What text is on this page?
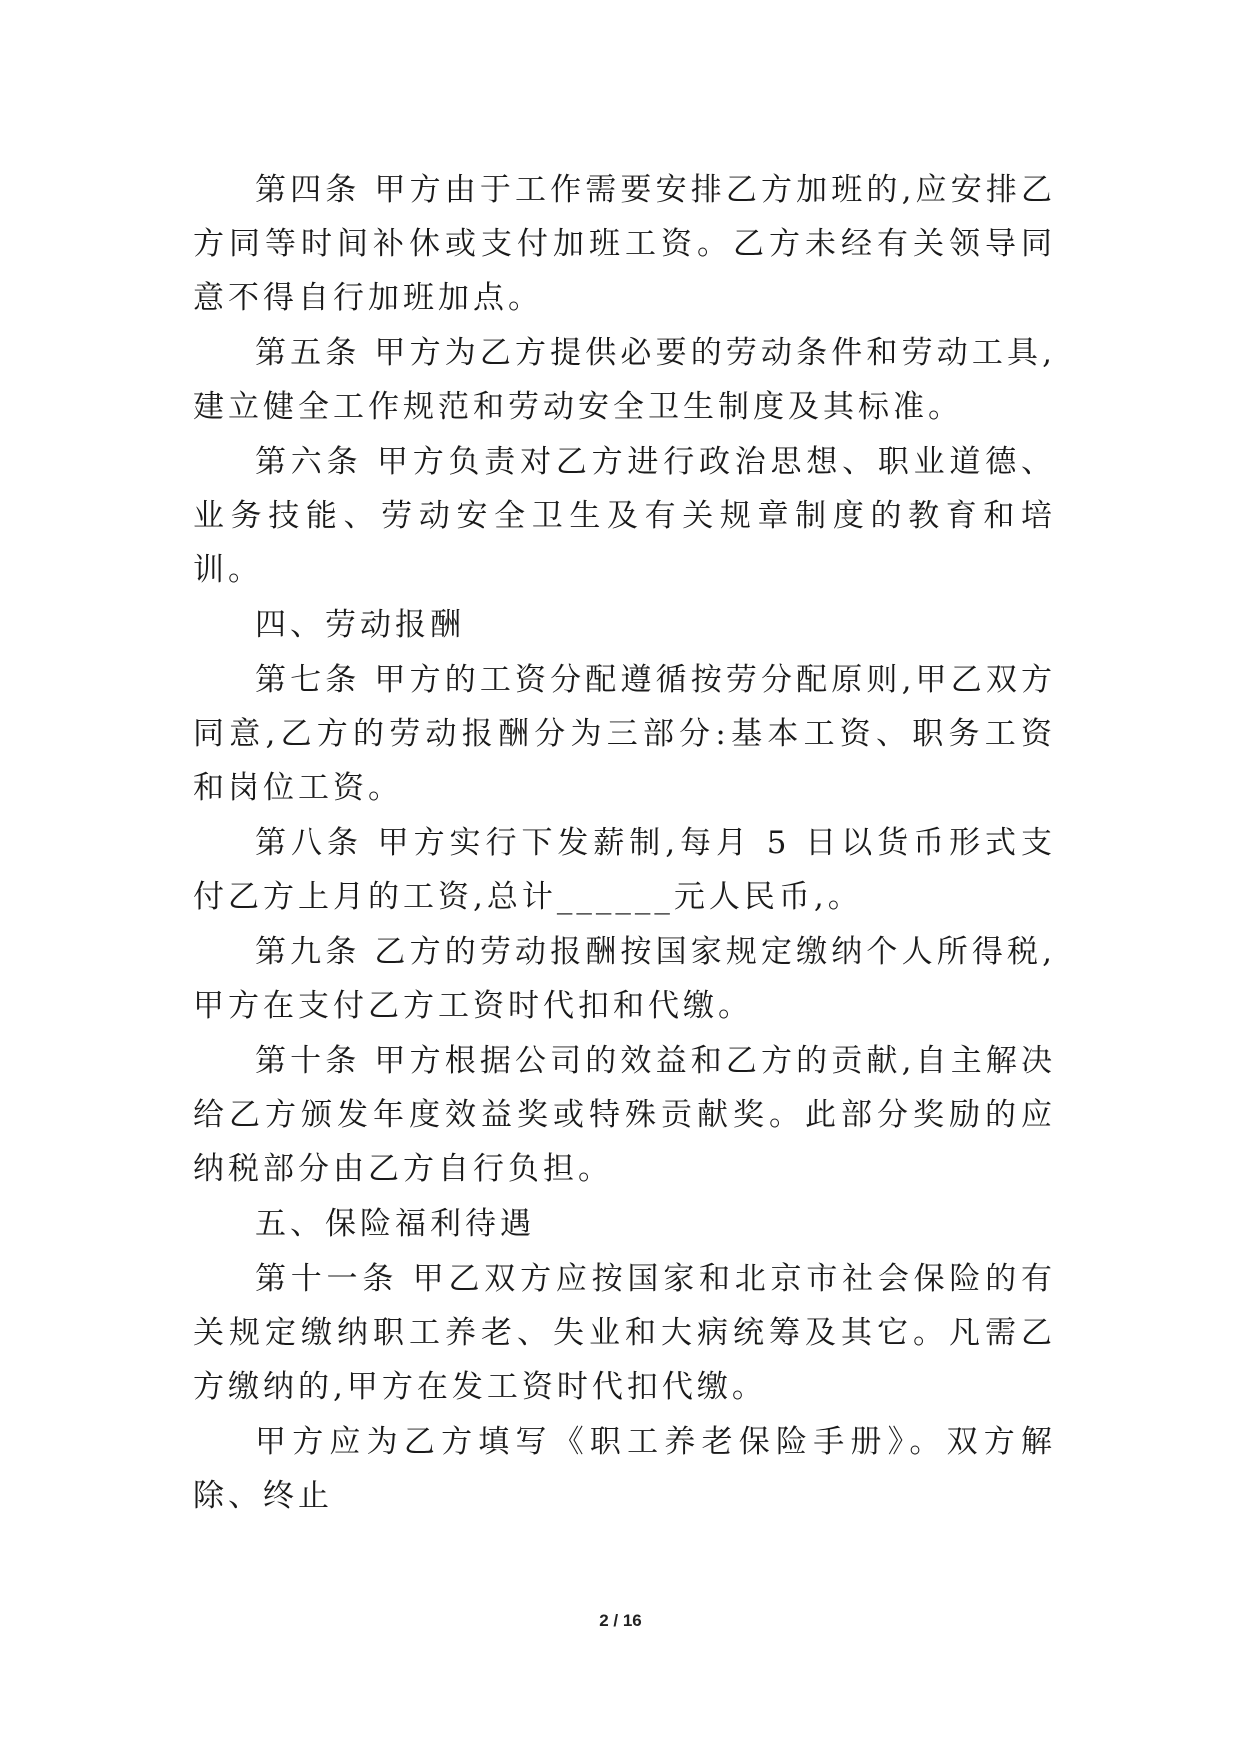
第四条 甲方由于工作需要安排乙方加班的,应安排乙方同等时间补休或支付加班工资。乙方未经有关领导同意不得自行加班加点。

第五条 甲方为乙方提供必要的劳动条件和劳动工具,建立健全工作规范和劳动安全卫生制度及其标准。

第六条 甲方负责对乙方进行政治思想、职业道德、业务技能、劳动安全卫生及有关规章制度的教育和培训。

四、劳动报酬

第七条 甲方的工资分配遵循按劳分配原则,甲乙双方同意,乙方的劳动报酬分为三部分:基本工资、职务工资和岗位工资。

第八条 甲方实行下发薪制,每月 5 日以货币形式支付乙方上月的工资,总计______元人民币,。

第九条 乙方的劳动报酬按国家规定缴纳个人所得税,甲方在支付乙方工资时代扣和代缴。

第十条 甲方根据公司的效益和乙方的贡献,自主解决给乙方颁发年度效益奖或特殊贡献奖。此部分奖励的应纳税部分由乙方自行负担。

五、保险福利待遇

第十一条 甲乙双方应按国家和北京市社会保险的有关规定缴纳职工养老、失业和大病统筹及其它。凡需乙方缴纳的,甲方在发工资时代扣代缴。

甲方应为乙方填写《职工养老保险手册》。双方解除、终止

2 / 16
